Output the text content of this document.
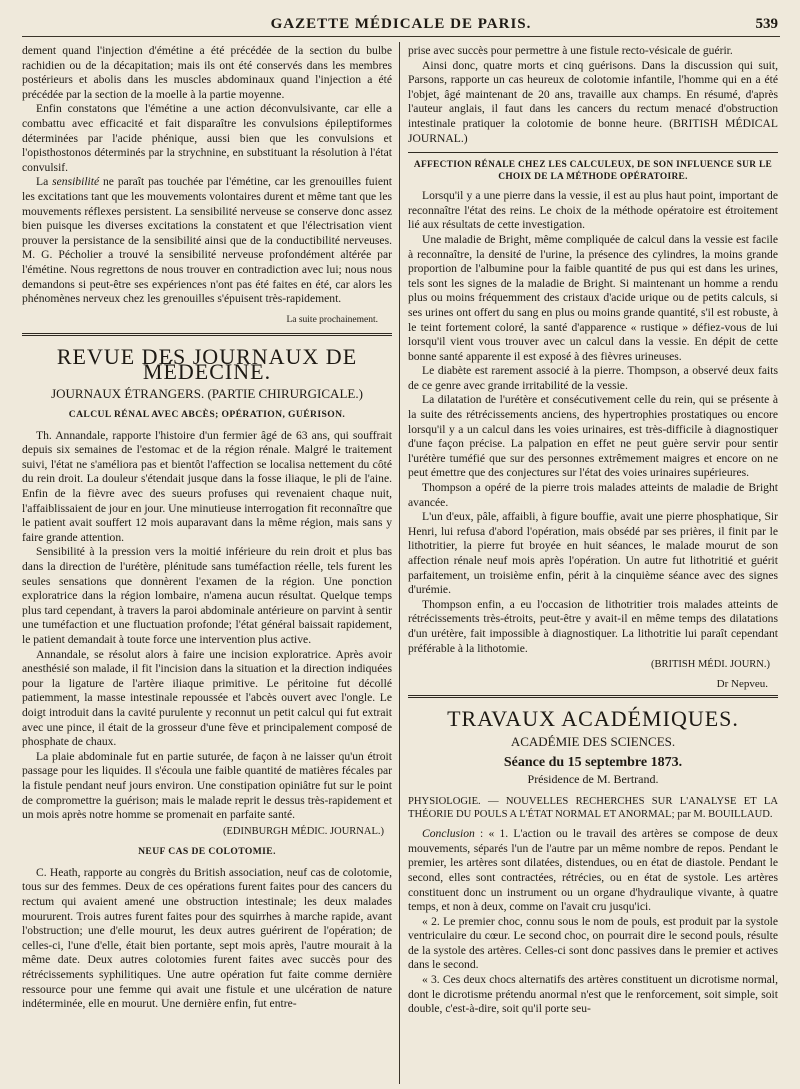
GAZETTE MÉDICALE DE PARIS.	539

dement quand l'injection d'émétine a été précédée de la section du bulbe rachidien ou de la décapitation; mais ils ont été conservés dans les membres postérieurs et abolis dans les muscles abdominaux quand l'injection a été précédée par la section de la moelle à la partie moyenne.

Enfin constatons que l'émétine a une action déconvulsivante, car elle a combattu avec efficacité et fait disparaître les convulsions épileptiformes déterminées par l'acide phénique, aussi bien que les convulsions et l'opisthostonos déterminés par la strychnine, en substituant la résolution à l'état convulsif.

La sensibilité ne paraît pas touchée par l'émétine, car les grenouilles fuient les excitations tant que les mouvements volontaires durent et même tant que les mouvements réflexes persistent. La sensibilité nerveuse se conserve donc assez bien puisque les diverses excitations la constatent et que l'électrisation vient prouver la persistance de la sensibilité ainsi que de la conductibilité nerveuses. M. G. Pécholier a trouvé la sensibilité nerveuse profondément altérée par l'émétine. Nous regrettons de nous trouver en contradiction avec lui; nous nous demandons si peut-être ses expériences n'ont pas été faites en été, car alors les phénomènes nerveux chez les grenouilles s'épuisent très-rapidement.

La suite prochainement.
REVUE DES JOURNAUX DE MÉDECINE.
JOURNAUX ÉTRANGERS. (PARTIE CHIRURGICALE.)
CALCUL RÉNAL AVEC ABCÈS; OPÉRATION, GUÉRISON.

Th. Annandale, rapporte l'histoire d'un fermier âgé de 63 ans, qui souffrait depuis six semaines de l'estomac et de la région rénale. Malgré le traitement suivi, l'état ne s'améliora pas et bientôt l'affection se localisa nettement du côté du rein droit. La douleur s'étendait jusque dans la fosse iliaque, le pli de l'aine. Enfin de la fièvre avec des sueurs profuses qui revenaient chaque nuit, l'affaiblissaient de jour en jour. Une minutieuse interrogation fit reconnaître que le patient avait souffert 12 mois auparavant dans la même région, mais sans y faire grande attention.

Sensibilité à la pression vers la moitié inférieure du rein droit et plus bas dans la direction de l'urétère, plénitude sans tuméfaction réelle, tels furent les seules sensations que donnèrent l'examen de la région. Une ponction exploratrice dans la région lombaire, n'amena aucun résultat. Quelque temps plus tard cependant, à travers la paroi abdominale antérieure on parvint à sentir une tuméfaction et une fluctuation profonde; l'état général baissait rapidement, le patient demandait à toute force une intervention plus active.

Annandale, se résolut alors à faire une incision exploratrice. Après avoir anesthésié son malade, il fit l'incision dans la situation et la direction indiquées pour la ligature de l'artère iliaque primitive. Le péritoine fut décollé patiemment, la masse intestinale repoussée et l'abcès ouvert avec l'ongle. Le doigt introduit dans la cavité purulente y reconnut un petit calcul qui fut extrait avec une pince, il était de la grosseur d'une fève et principalement composé de phosphate de chaux.

La plaie abdominale fut en partie suturée, de façon à ne laisser qu'un étroit passage pour les liquides. Il s'écoula une faible quantité de matières fécales par la fistule pendant neuf jours environ. Une constipation opiniâtre fut sur le point de compromettre la guérison; mais le malade reprit le dessus très-rapidement et un mois après notre homme se promenait en parfaite santé.

(EDINBURGH MÉDIC. JOURNAL.)
NEUF CAS DE COLOTOMIE.

C. Heath, rapporte au congrès du British association, neuf cas de colotomie, tous sur des femmes. Deux de ces opérations furent faites pour des cancers du rectum qui avaient amené une obstruction intestinale; les deux malades moururent. Trois autres furent faites pour des squirrhes à marche rapide, avant l'obstruction; une d'elle mourut, les deux autres guérirent de l'opération; de celles-ci, l'une d'elle, était bien portante, sept mois après, l'autre mourait à la même date. Deux autres colotomies furent faites avec succès pour des rétrécissements syphilitiques. Une autre opération fut faite comme dernière ressource pour une femme qui avait une fistule et une ulcération de nature indéterminée, elle en mourut. Une dernière enfin, fut entre-

prise avec succès pour permettre à une fistule recto-vésicale de guérir.

Ainsi donc, quatre morts et cinq guérisons. Dans la discussion qui suit, Parsons, rapporte un cas heureux de colotomie infantile, l'homme qui en a été l'objet, âgé maintenant de 20 ans, travaille aux champs. En résumé, d'après l'auteur anglais, il faut dans les cancers du rectum menacé d'obstruction intestinale pratiquer la colotomie de bonne heure. (BRITISH MÉDICAL JOURNAL.)

AFFECTION RÉNALE CHEZ LES CALCULEUX, DE SON INFLUENCE SUR LE CHOIX DE LA MÉTHODE OPÉRATOIRE.

Lorsqu'il y a une pierre dans la vessie, il est au plus haut point, important de reconnaître l'état des reins. Le choix de la méthode opératoire est étroitement lié aux résultats de cette investigation.

Une maladie de Bright, même compliquée de calcul dans la vessie est facile à reconnaître, la densité de l'urine, la présence des cylindres, la moins grande proportion de l'albumine pour la faible quantité de pus qui est dans les urines, tels sont les signes de la maladie de Bright. Si maintenant un homme a rendu plus ou moins fréquemment des cristaux d'acide urique ou de petits calculs, si ses urines ont offert du sang en plus ou moins grande quantité, s'il est robuste, à le teint fortement coloré, la santé d'apparence « rustique » défiez-vous de lui lorsqu'il vient vous trouver avec un calcul dans la vessie. En dépit de cette bonne santé apparente il est exposé à des fièvres urineuses.

Le diabète est rarement associé à la pierre. Thompson, a observé deux faits de ce genre avec grande irritabilité de la vessie.

La dilatation de l'urétère et consécutivement celle du rein, qui se présente à la suite des rétrécissements anciens, des hypertrophies prostatiques ou encore lorsqu'il y a un calcul dans les voies urinaires, est très-difficile à diagnostiquer d'une façon précise. La palpation en effet ne peut guère servir pour sentir l'urétère tuméfié que sur des personnes extrêmement maigres et encore on ne peut émettre que des conjectures sur l'état des voies urinaires supérieures.

Thompson a opéré de la pierre trois malades atteints de maladie de Bright avancée.

L'un d'eux, pâle, affaibli, à figure bouffie, avait une pierre phosphatique, Sir Henri, lui refusa d'abord l'opération, mais obsédé par ses prières, il finit par le lithotritier, la pierre fut broyée en huit séances, le malade mourut de son affection rénale neuf mois après l'opération. Un autre fut lithotritié et guérit parfaitement, un troisième enfin, périt à la cinquième séance avec des signes d'urémie.

Thompson enfin, a eu l'occasion de lithotritier trois malades atteints de rétrécissements très-étroits, peut-être y avait-il en même temps des dilatations d'un urétère, fait impossible à diagnostiquer. La lithotritie lui paraît cependant préférable à la lithotomie.

(BRITISH MÉDI. JOURN.)
Dr Nepveu.
TRAVAUX ACADÉMIQUES.
ACADÉMIE DES SCIENCES.
Séance du 15 septembre 1873.
Présidence de M. Bertrand.

PHYSIOLOGIE. — NOUVELLES RECHERCHES SUR L'ANALYSE ET LA THÉORIE DU POULS A L'ÉTAT NORMAL ET ANORMAL; par M. BOUILLAUD.

Conclusion : « 1. L'action ou le travail des artères se compose de deux mouvements, séparés l'un de l'autre par un même nombre de repos. Pendant le premier, les artères sont dilatées, distendues, ou en état de diastole. Pendant le second, elles sont contractées, rétrécies, ou en état de systole. Les artères constituent donc un instrument ou un organe d'hydraulique vivante, à quatre temps, et non à deux, comme on l'avait cru jusqu'ici.

« 2. Le premier choc, connu sous le nom de pouls, est produit par la systole ventriculaire du cœur. Le second choc, on pourrait dire le second pouls, résulte de la systole des artères. Celles-ci sont donc passives dans le premier et actives dans le second.

« 3. Ces deux chocs alternatifs des artères constituent un dicrotisme normal, dont le dicrotisme prétendu anormal n'est que le renforcement, soit simple, soit double, c'est-à-dire, soit qu'il porte seu-
